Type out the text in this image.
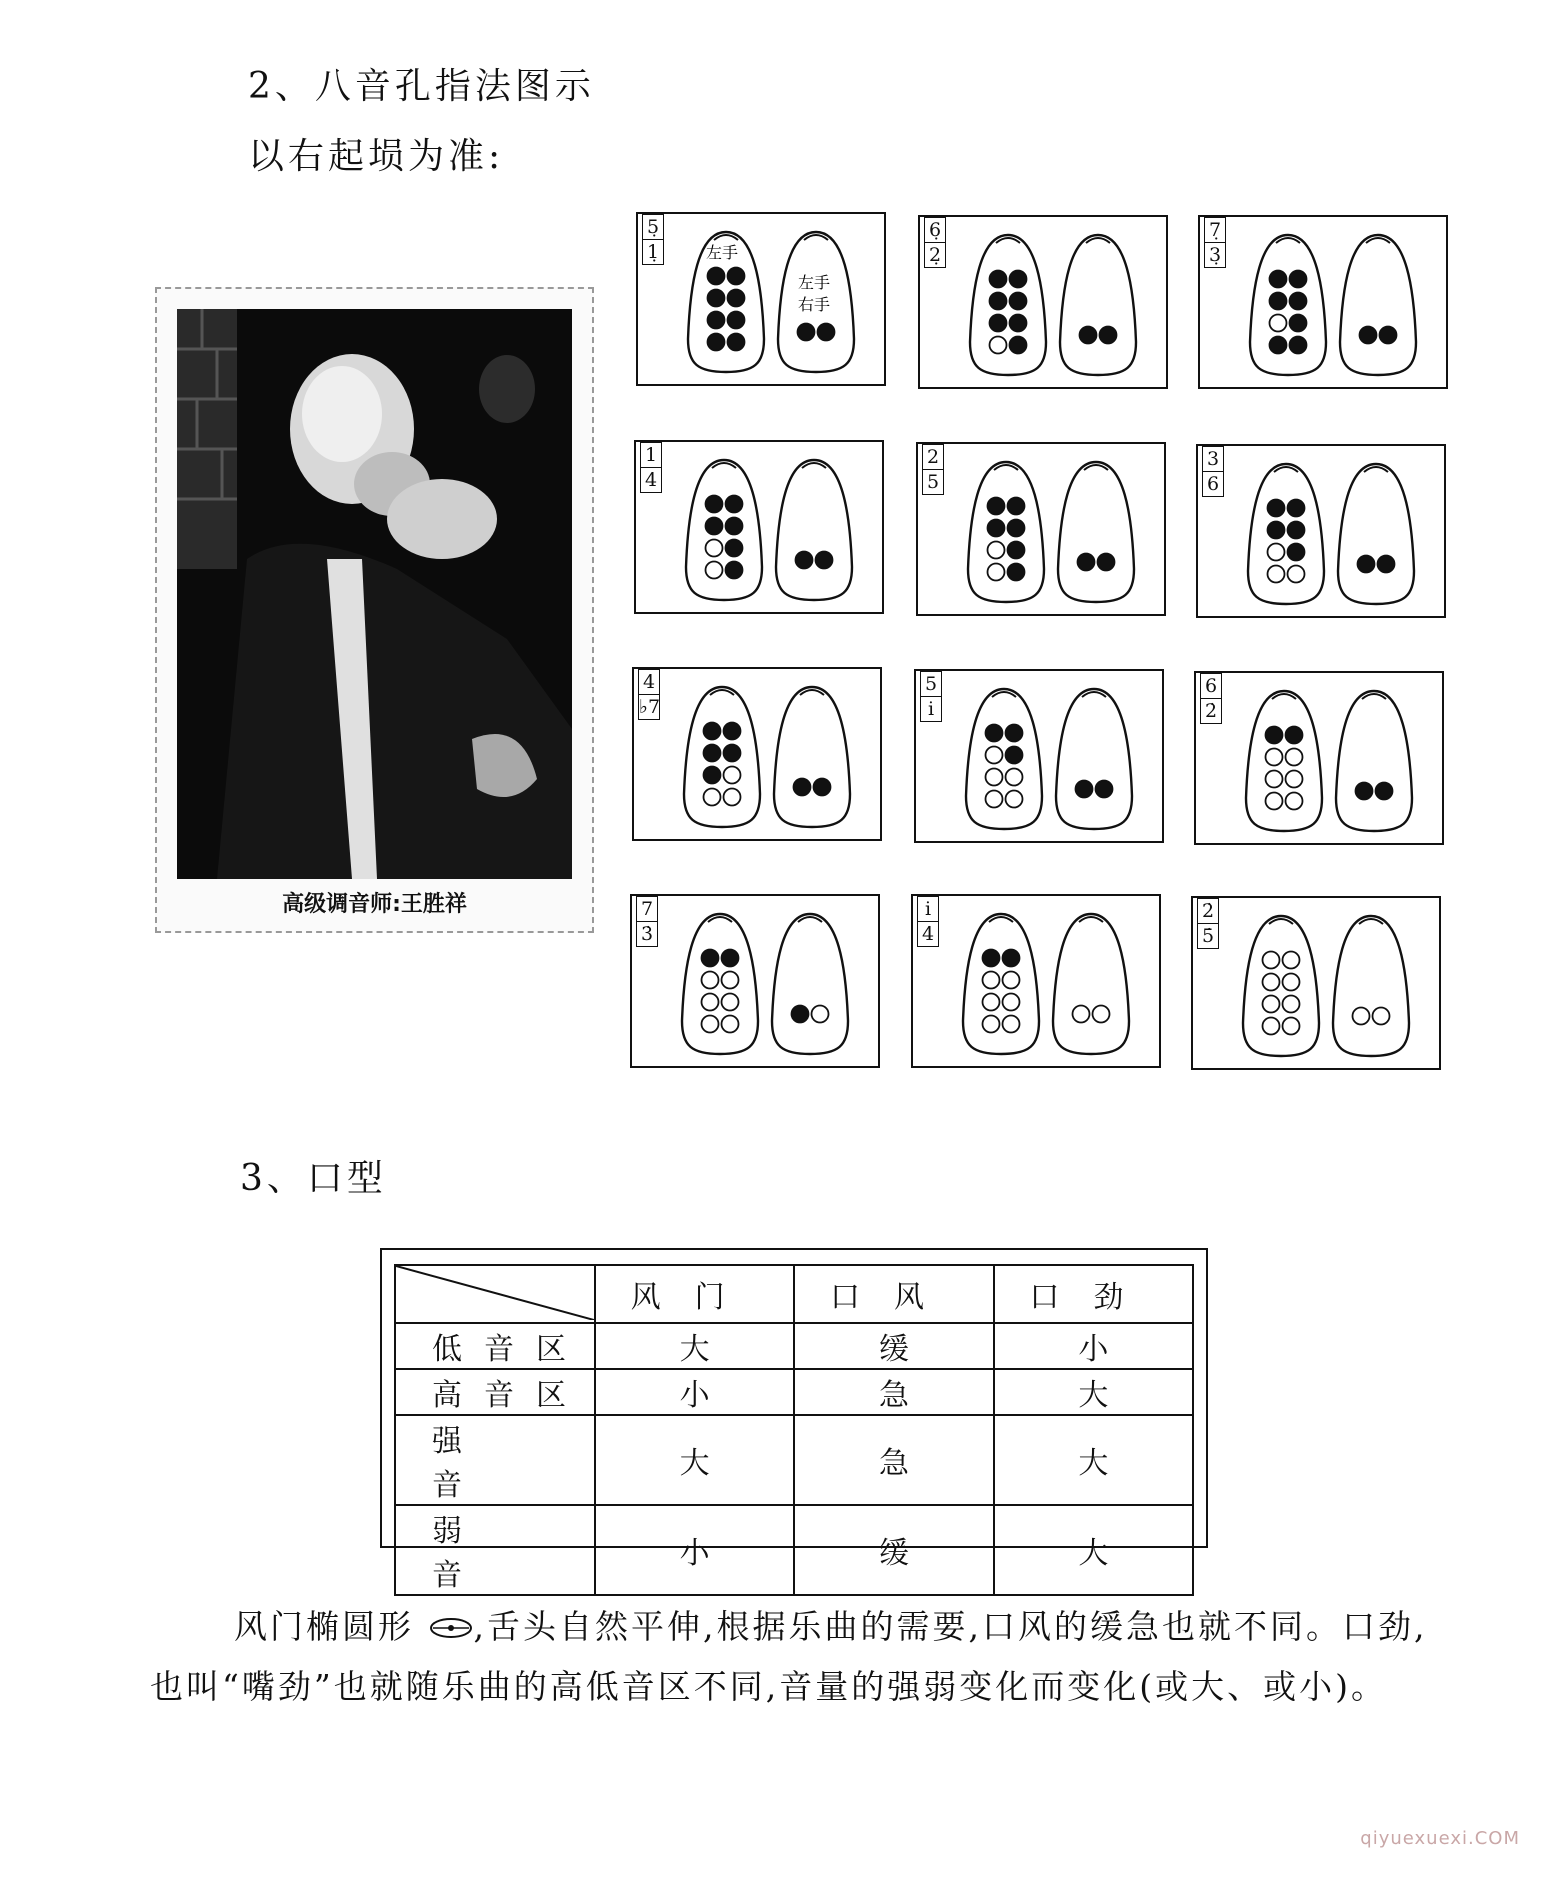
2、八音孔指法图示
以右起埙为准:
高级调音师:王胜祥
左手
左手
右手
5̣
1̣
6̣
2̣
7̣
3̣
1
4
2
5
3
6
4
♭7
5
i
6
2̇
7
3̇
i
4̇
2̇
5̇
3、口型
	风门	口风	口劲
低音区	大	缓	小
高音区	小	急	大
强音	大	急	大
弱音	小	缓	大
风门椭圆形 ,舌头自然平伸,根据乐曲的需要,口风的缓急也就不同。口劲,也叫“嘴劲”也就随乐曲的高低音区不同,音量的强弱变化而变化(或大、或小)。
qiyuexuexi.COM
